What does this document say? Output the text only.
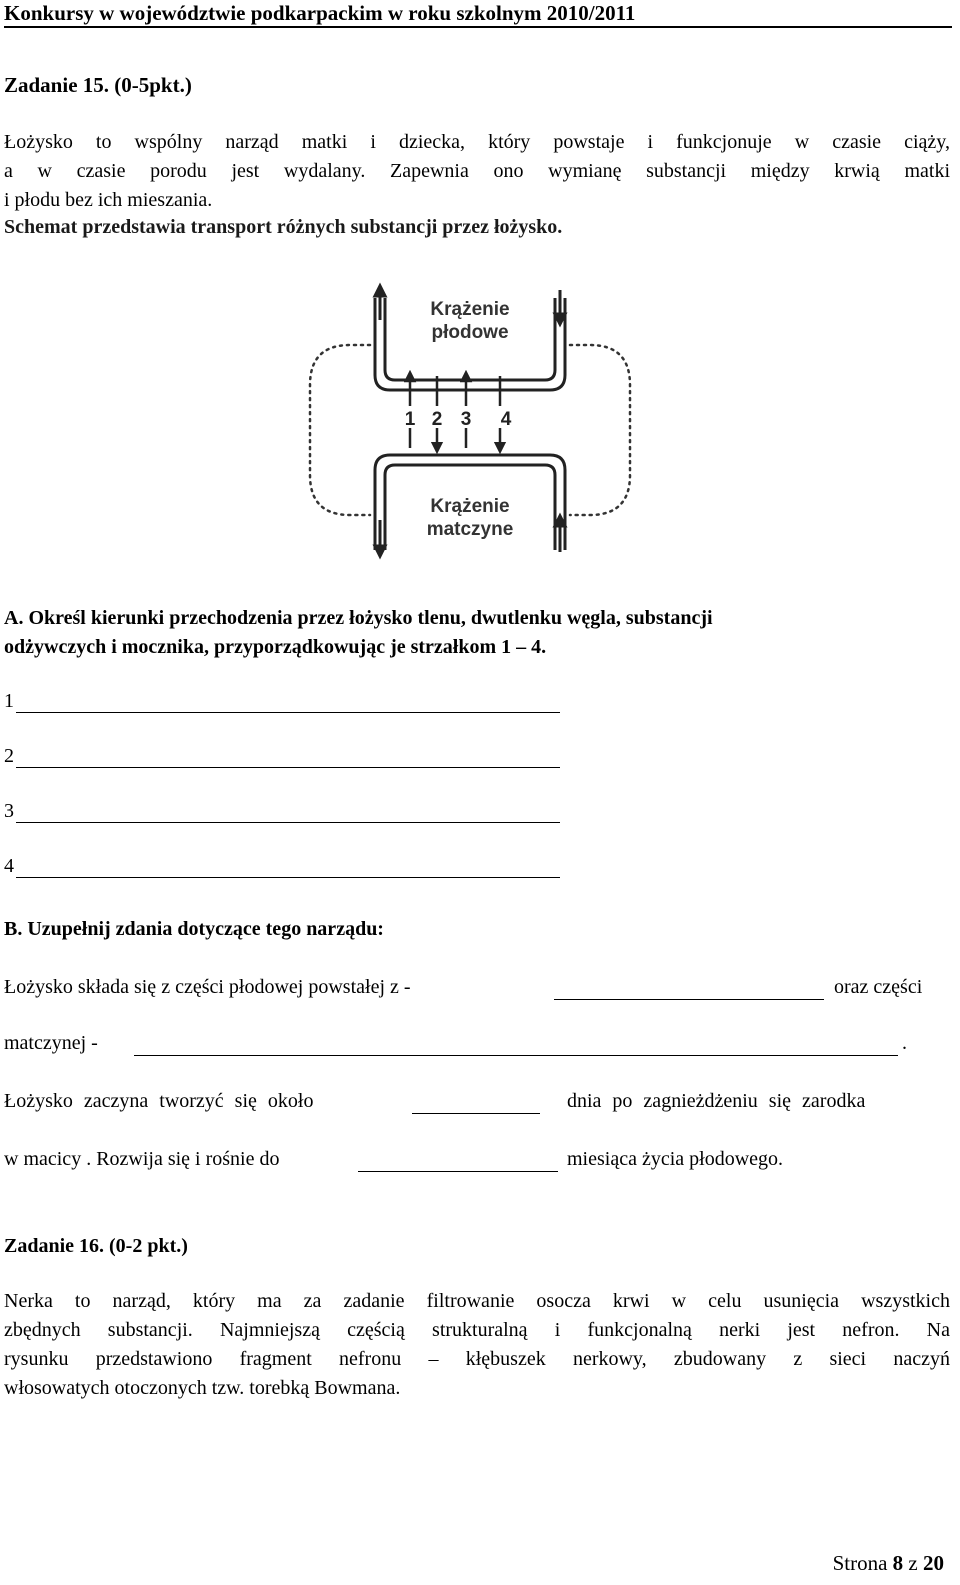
Konkursy w województwie podkarpackim w roku szkolnym 2010/2011
Zadanie 15. (0-5pkt.)
Łożysko to wspólny narząd matki i dziecka, który powstaje i funkcjonuje w czasie ciąży,
a w czasie porodu jest wydalany. Zapewnia ono wymianę substancji między krwią matki
i płodu bez ich mieszania.
Schemat przedstawia transport różnych substancji przez łożysko.
1 2 3 4
Krążenie
płodowe
Krążenie
matczyne
A. Określ kierunki przechodzenia przez łożysko tlenu, dwutlenku węgla, substancji
odżywczych i mocznika, przyporządkowując je strzałkom 1 – 4.
1
2
3
4
B. Uzupełnij zdania dotyczące tego narządu:
Łożysko składa się z części płodowej powstałej z -	oraz części
matczynej -	.
Łożysko zaczyna tworzyć się około	dnia po zagnieżdżeniu się zarodka
w macicy . Rozwija się i rośnie do	miesiąca życia płodowego.
Zadanie 16. (0-2 pkt.)
Nerka to narząd, który ma za zadanie filtrowanie osocza krwi w celu usunięcia wszystkich
zbędnych substancji. Najmniejszą częścią strukturalną i funkcjonalną nerki jest nefron. Na
rysunku przedstawiono fragment nefronu – kłębuszek nerkowy, zbudowany z sieci naczyń
włosowatych otoczonych tzw. torebką Bowmana.
Strona 8 z 20
